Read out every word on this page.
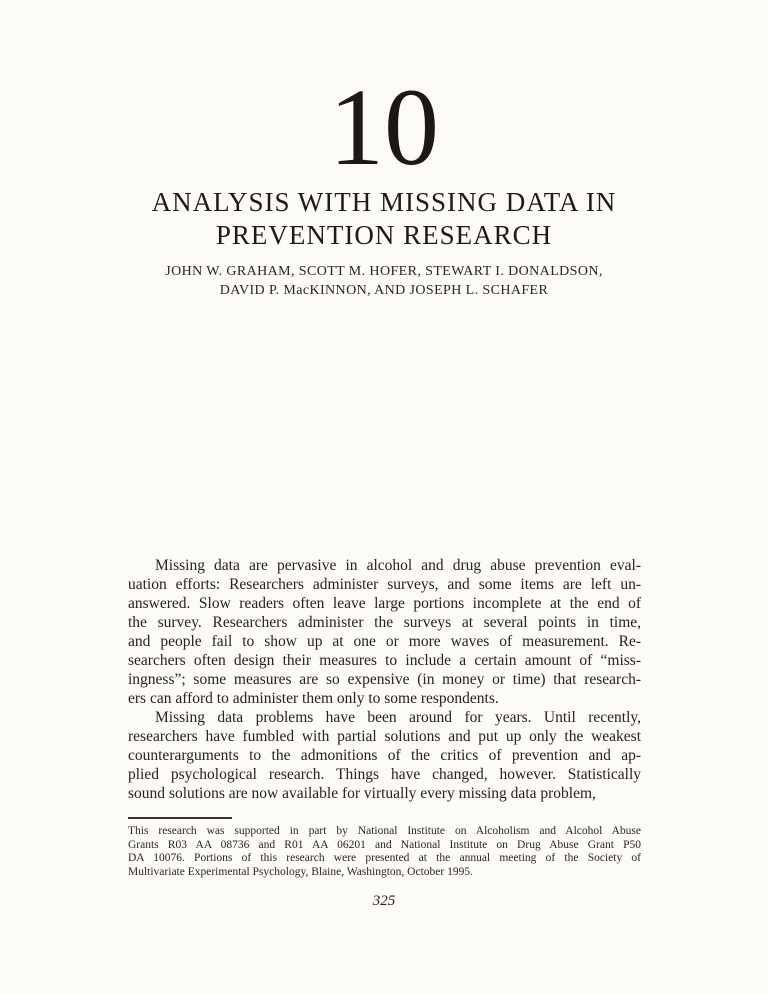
10
ANALYSIS WITH MISSING DATA IN
PREVENTION RESEARCH
JOHN W. GRAHAM, SCOTT M. HOFER, STEWART I. DONALDSON,
DAVID P. MacKINNON, AND JOSEPH L. SCHAFER
Missing data are pervasive in alcohol and drug abuse prevention eval-
uation efforts: Researchers administer surveys, and some items are left un-
answered. Slow readers often leave large portions incomplete at the end of
the survey. Researchers administer the surveys at several points in time,
and people fail to show up at one or more waves of measurement. Re-
searchers often design their measures to include a certain amount of “miss-
ingness”; some measures are so expensive (in money or time) that research-
ers can afford to administer them only to some respondents.
Missing data problems have been around for years. Until recently,
researchers have fumbled with partial solutions and put up only the weakest
counterarguments to the admonitions of the critics of prevention and ap-
plied psychological research. Things have changed, however. Statistically
sound solutions are now available for virtually every missing data problem,
This research was supported in part by National Institute on Alcoholism and Alcohol Abuse
Grants R03 AA 08736 and R01 AA 06201 and National Institute on Drug Abuse Grant P50
DA 10076. Portions of this research were presented at the annual meeting of the Society of
Multivariate Experimental Psychology, Blaine, Washington, October 1995.
325
